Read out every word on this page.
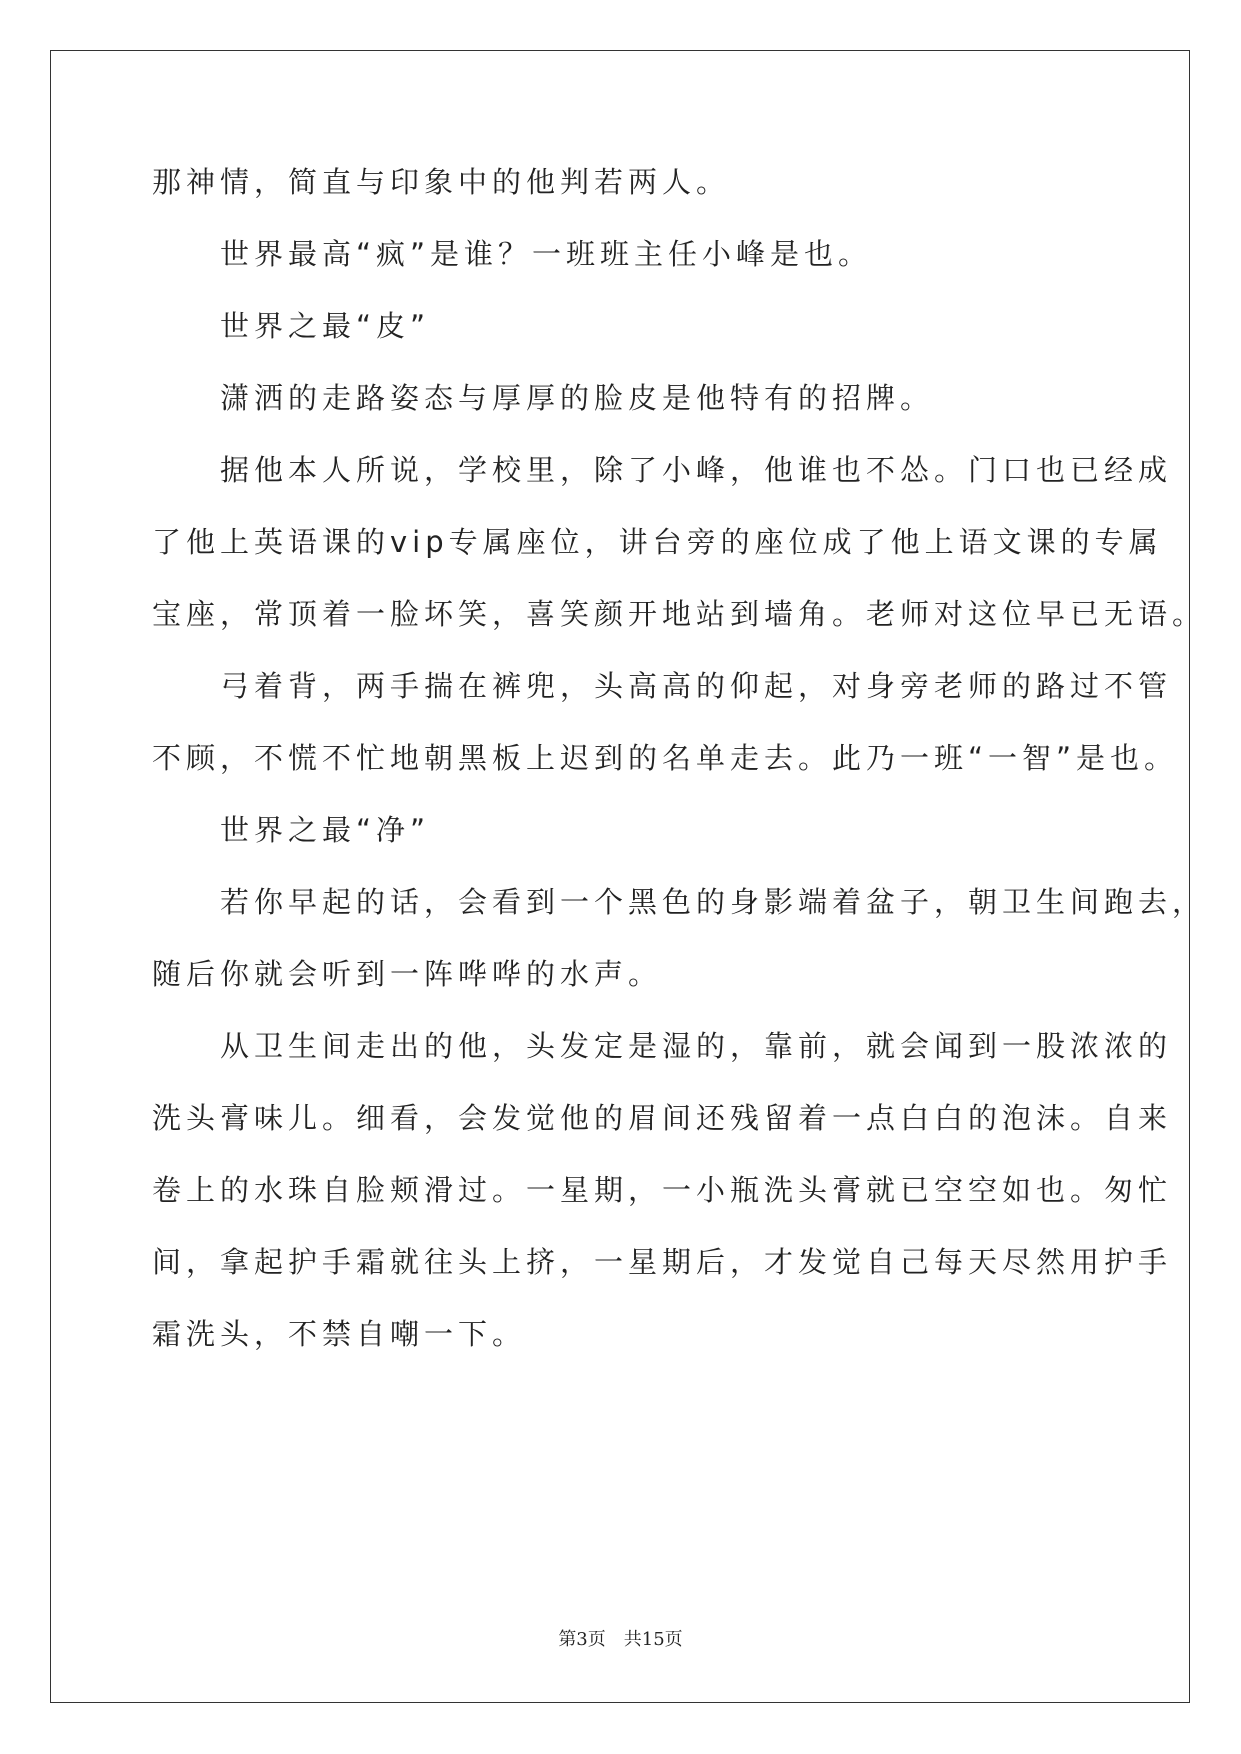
那神情，简直与印象中的他判若两人。
　　世界最高“疯”是谁？一班班主任小峰是也。
　　世界之最“皮”
　　潇洒的走路姿态与厚厚的脸皮是他特有的招牌。
　　据他本人所说，学校里，除了小峰，他谁也不怂。门口也已经成
了他上英语课的vip专属座位，讲台旁的座位成了他上语文课的专属
宝座，常顶着一脸坏笑，喜笑颜开地站到墙角。老师对这位早已无语。
　　弓着背，两手揣在裤兜，头高高的仰起，对身旁老师的路过不管
不顾，不慌不忙地朝黑板上迟到的名单走去。此乃一班“一智”是也。
　　世界之最“净”
　　若你早起的话，会看到一个黑色的身影端着盆子，朝卫生间跑去，
随后你就会听到一阵哗哗的水声。
　　从卫生间走出的他，头发定是湿的，靠前，就会闻到一股浓浓的
洗头膏味儿。细看，会发觉他的眉间还残留着一点白白的泡沫。自来
卷上的水珠自脸颊滑过。一星期，一小瓶洗头膏就已空空如也。匆忙
间，拿起护手霜就往头上挤，一星期后，才发觉自己每天尽然用护手
霜洗头，不禁自嘲一下。
第3页 共15页
